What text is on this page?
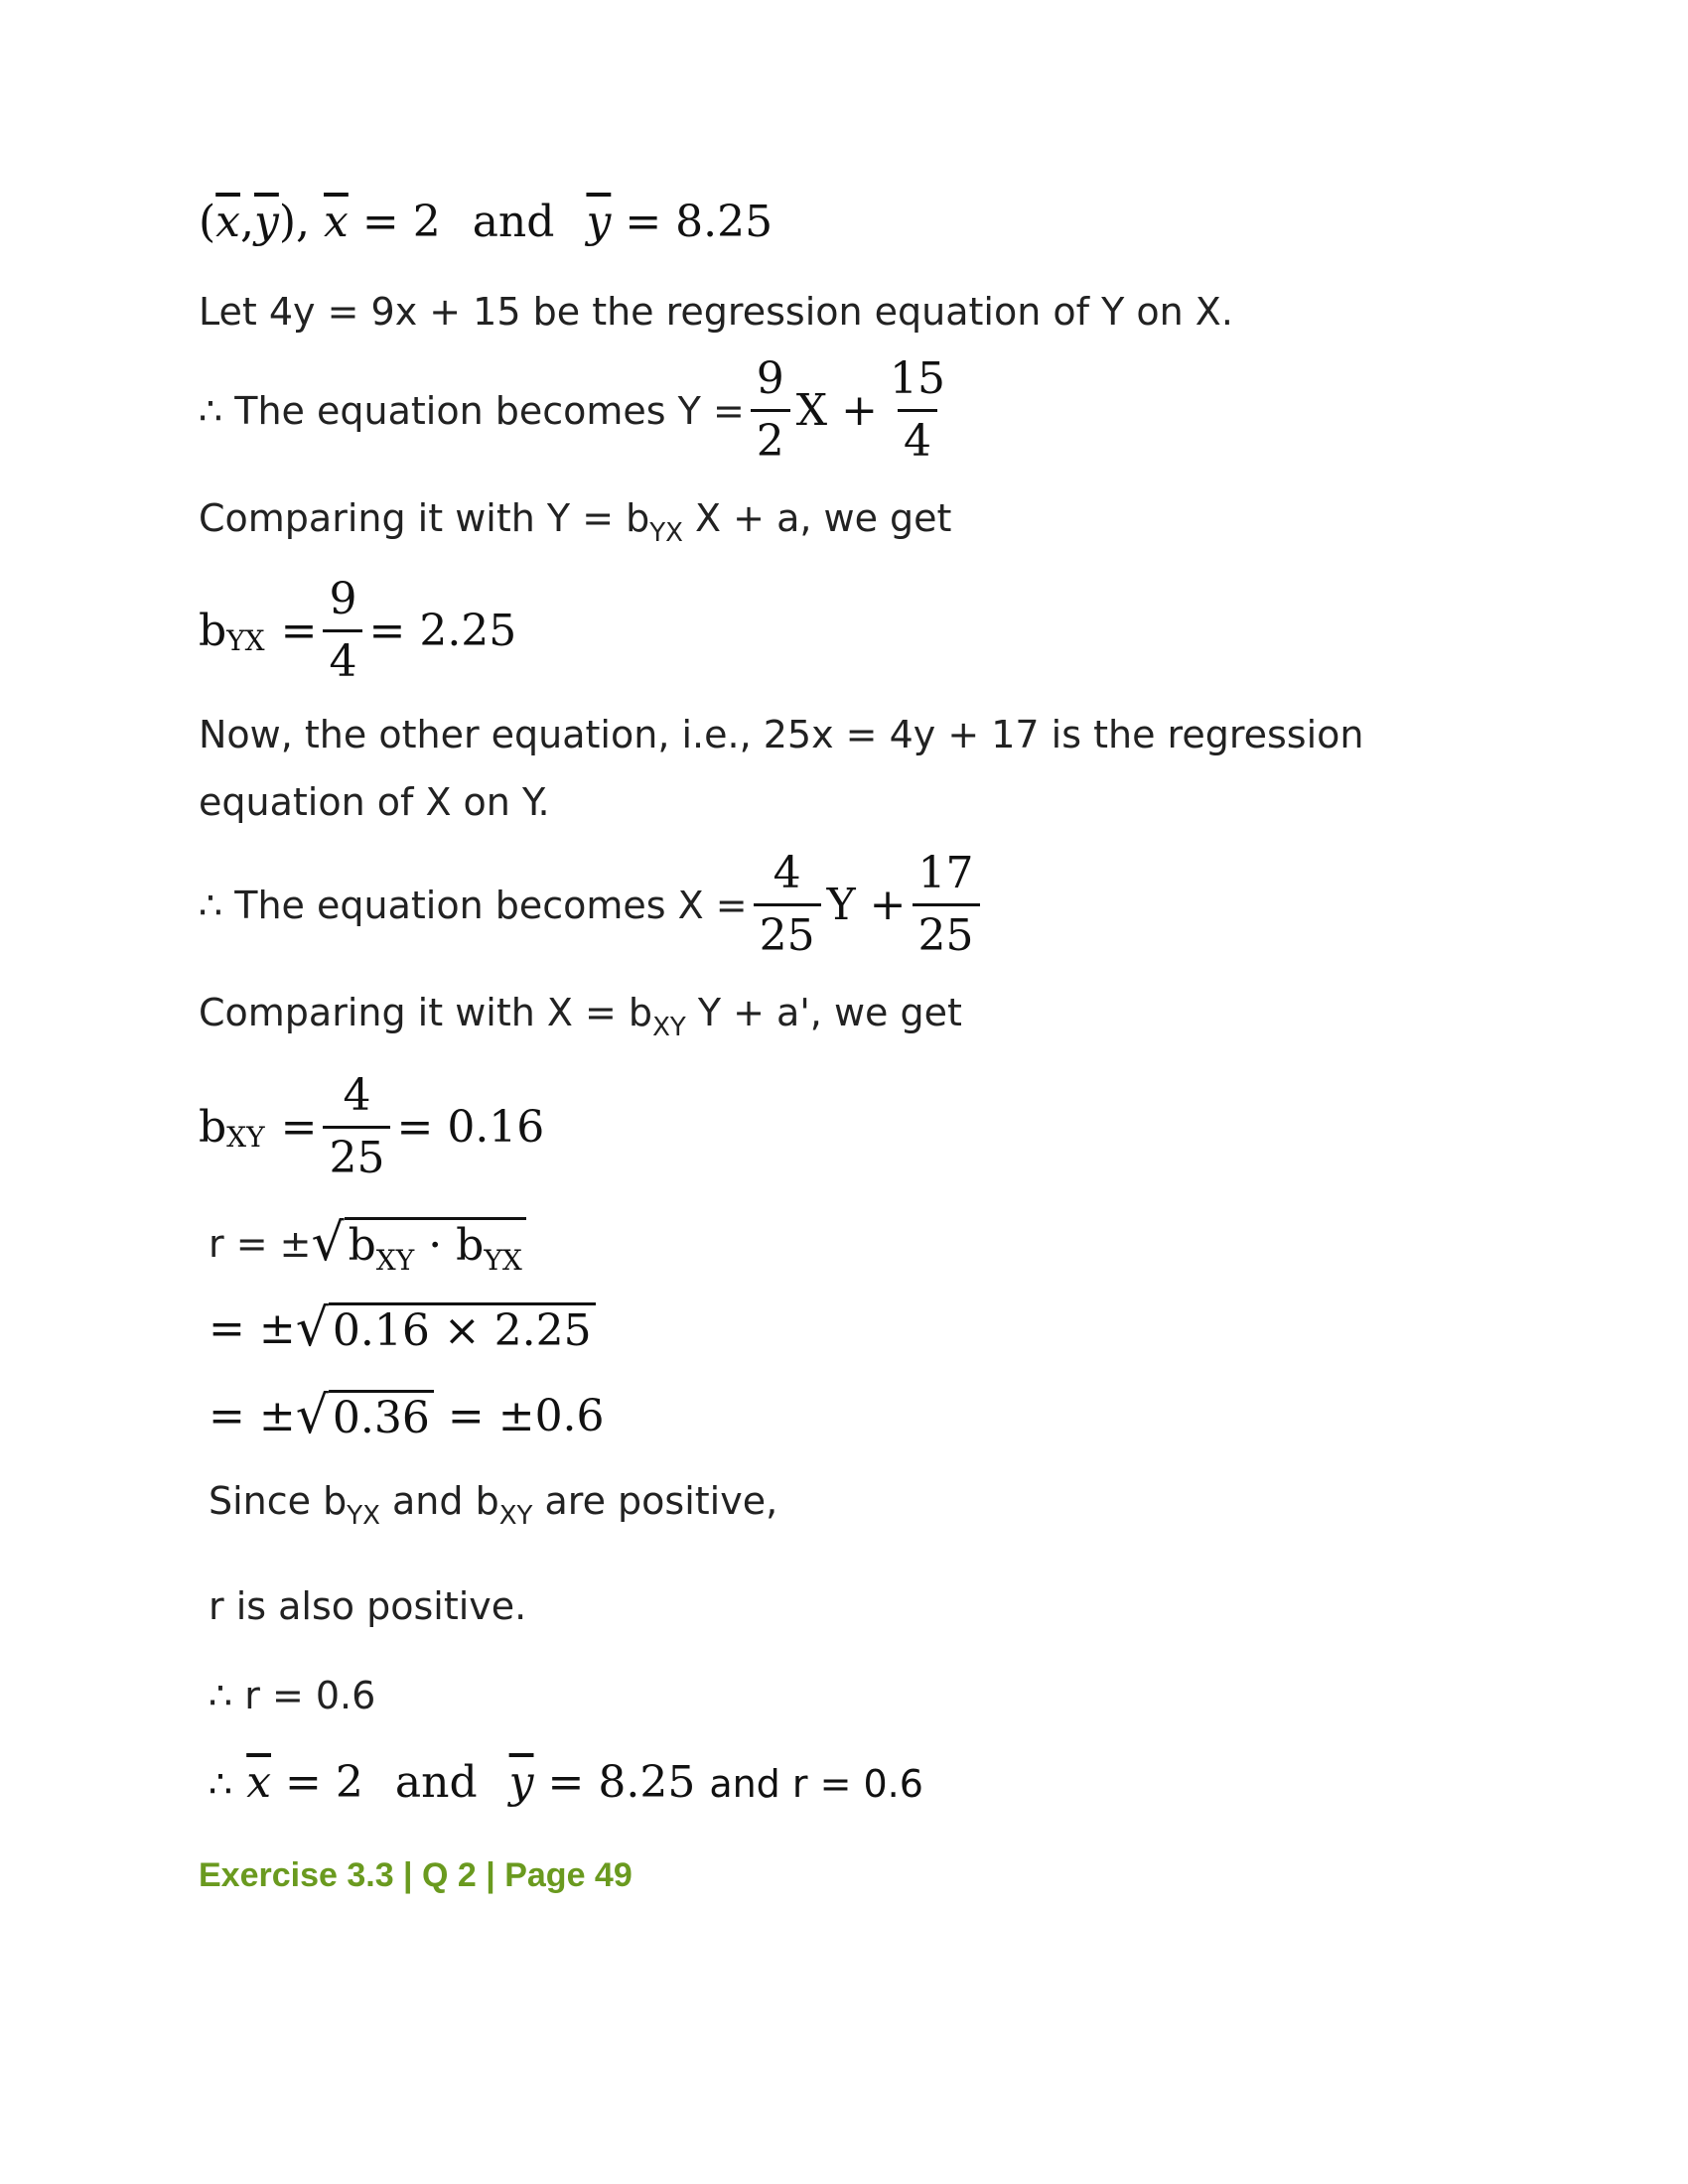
$(\overline{x},\overline{y})$, $\overline{x} = 2$ and $\overline{y} = 8.25$
Let 4y = 9x + 15 be the regression equation of Y on X.
∴ The equation becomes $Y = \frac{9}{2}$ $X + \frac{15}{4}$
Comparing it with $Y = b_{YX}$ X + a, we get
b YX = $\frac{9}{4} = 2.25$
Now, the other equation, i.e., 25x = 4y + 17 is the regression
equation of X on Y.
∴ The equation becomes $X = \frac{4}{25}$ $Y + \frac{17}{25}$
Comparing it with $X = b_{XY}$ Y + a', we get
b XY = $\frac{4}{25} = 0.16$
r = ± √ $b_{XY} \cdot b_{YX}$
= ± √ 0.16 × 2.25
= ± √ 0.36 = ±0.6
Since $b_{YX}$ and $b_{XY}$ are positive,
r is also positive.
∴ r = 0.6
∴ $\overline{x} = 2$ and $\overline{y} = 8.25$ and r = 0.6
Exercise 3.3 | Q 2 | Page 49
